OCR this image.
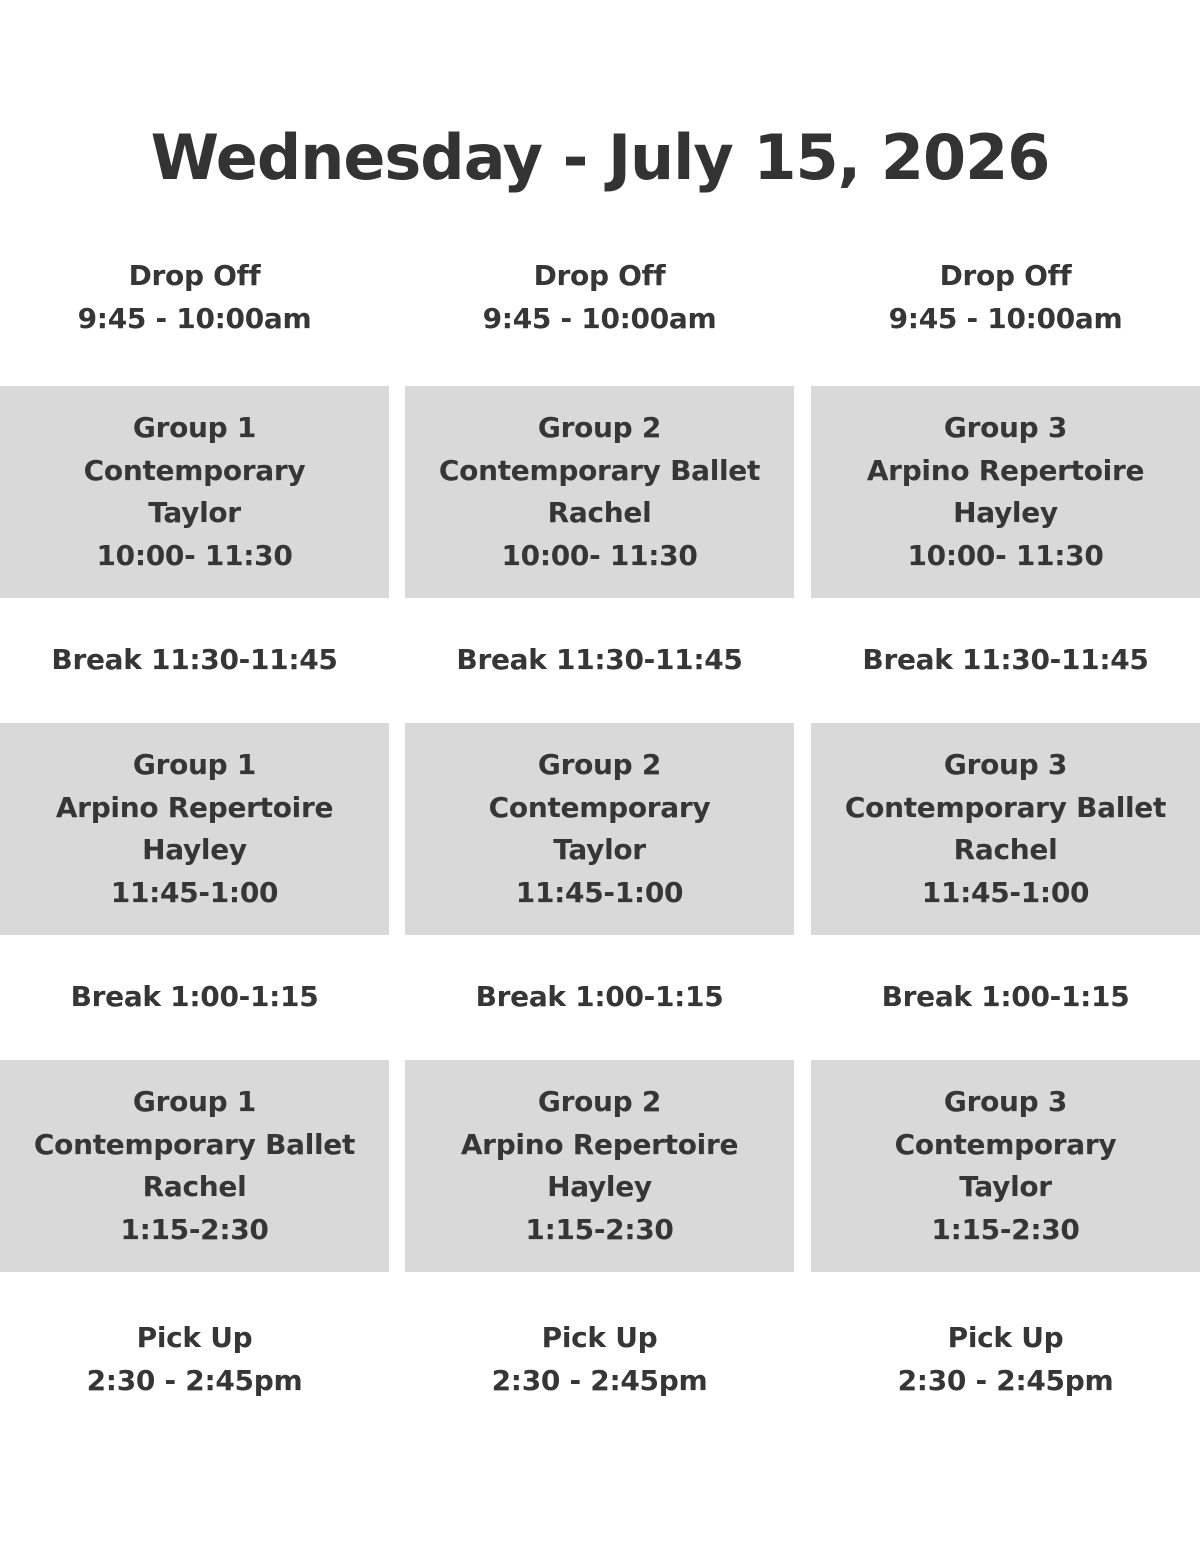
Wednesday - July 15, 2026
Drop Off
9:45 - 10:00am
Group 1
Contemporary
Taylor
10:00- 11:30
Break 11:30-11:45
Group 1
Arpino Repertoire
Hayley
11:45-1:00
Break 1:00-1:15
Group 1
Contemporary Ballet
Rachel
1:15-2:30
Pick Up
2:30 - 2:45pm
Drop Off
9:45 - 10:00am
Group 2
Contemporary Ballet
Rachel
10:00- 11:30
Break 11:30-11:45
Group 2
Contemporary
Taylor
11:45-1:00
Break 1:00-1:15
Group 2
Arpino Repertoire
Hayley
1:15-2:30
Pick Up
2:30 - 2:45pm
Drop Off
9:45 - 10:00am
Group 3
Arpino Repertoire
Hayley
10:00- 11:30
Break 11:30-11:45
Group 3
Contemporary Ballet
Rachel
11:45-1:00
Break 1:00-1:15
Group 3
Contemporary
Taylor
1:15-2:30
Pick Up
2:30 - 2:45pm
